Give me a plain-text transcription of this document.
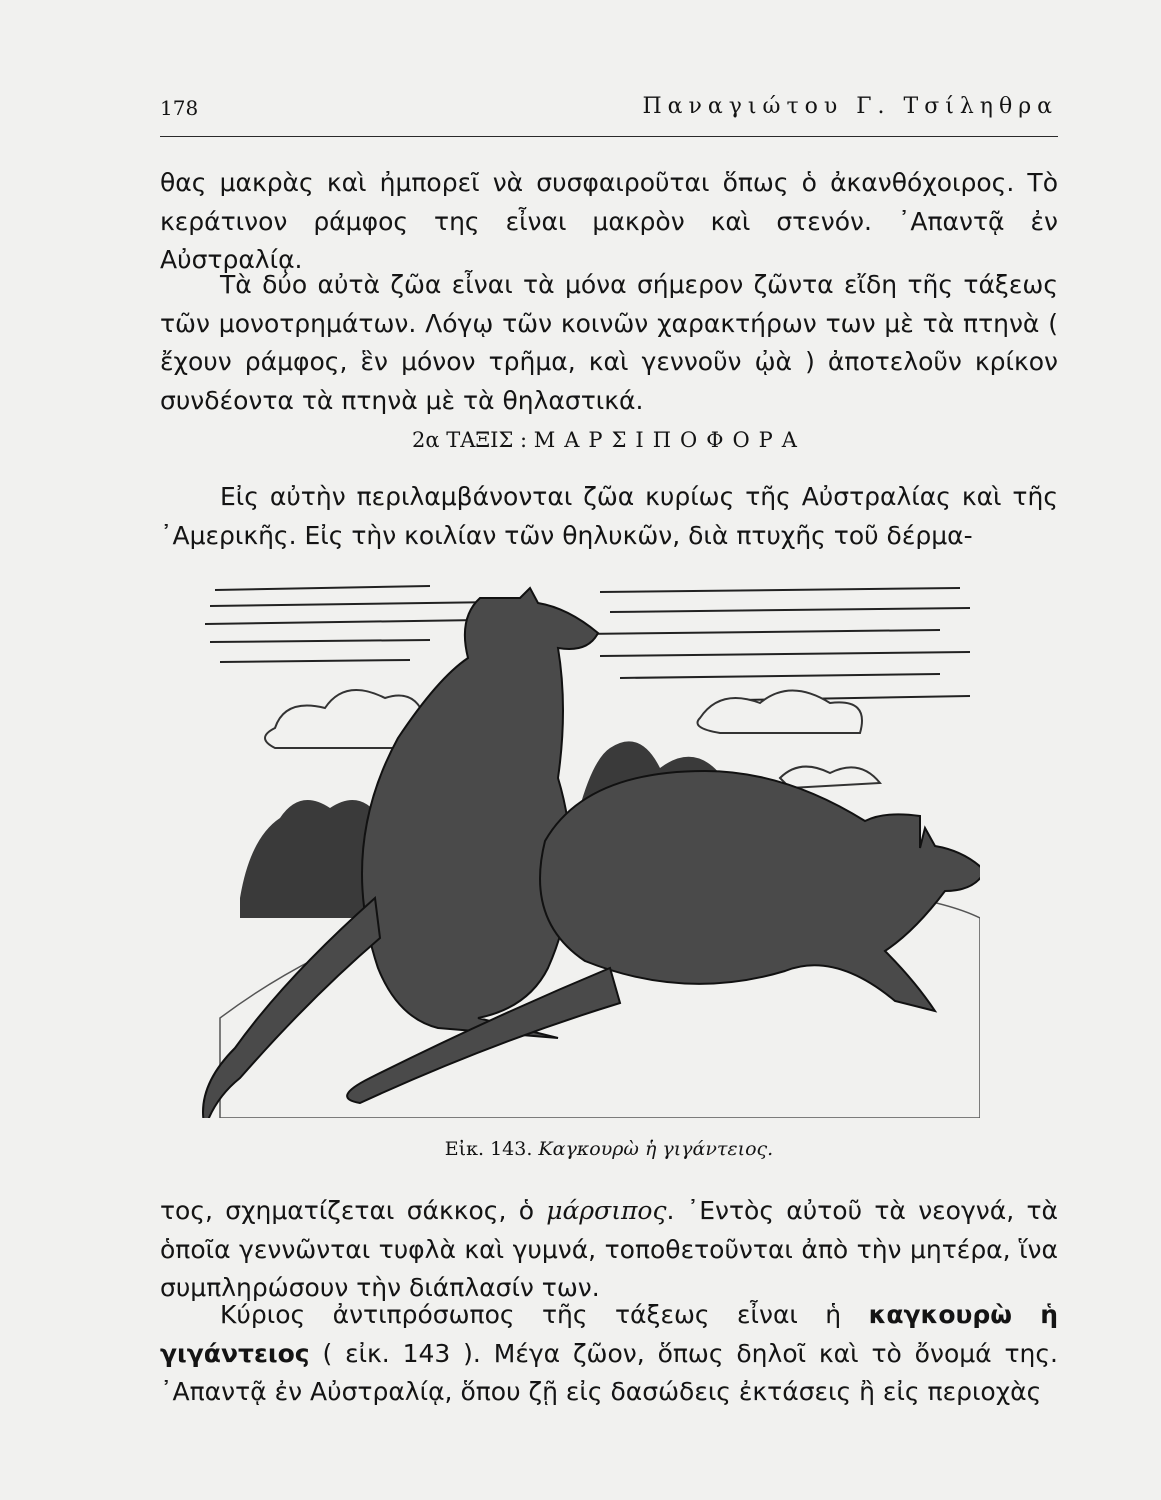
178	Παναγιώτου Γ. Τσίληθρα

θας μακρὰς καὶ ἠμπορεῖ νὰ συσφαιροῦται ὅπως ὁ ἀκανθόχοιρος. Τὸ κεράτινον ράμφος της εἶναι μακρὸν καὶ στενόν. ᾿Απαντᾷ ἐν Αὐστραλίᾳ.

Τὰ δύο αὐτὰ ζῶα εἶναι τὰ μόνα σήμερον ζῶντα εἴδη τῆς τάξεως τῶν μονοτρημάτων. Λόγῳ τῶν κοινῶν χαρακτήρων των μὲ τὰ πτηνὰ ( ἔχουν ράμφος, ἓν μόνον τρῆμα, καὶ γεννοῦν ᾠὰ ) ἀποτελοῦν κρίκον συνδέοντα τὰ πτηνὰ μὲ τὰ θηλαστικά.

2α ΤΑΞΙΣ : ΜΑΡΣΙΠΟΦΟΡΑ

Εἰς αὐτὴν περιλαμβάνονται ζῶα κυρίως τῆς Αὐστραλίας καὶ τῆς ᾿Αμερικῆς. Εἰς τὴν κοιλίαν τῶν θηλυκῶν, διὰ πτυχῆς τοῦ δέρμα-

Εἰκ. 143. Καγκουρὼ ἡ γιγάντειος.

τος, σχηματίζεται σάκκος, ὁ μάρσιπος. ᾿Εντὸς αὐτοῦ τὰ νεογνά, τὰ ὁποῖα γεννῶνται τυφλὰ καὶ γυμνά, τοποθετοῦνται ἀπὸ τὴν μητέρα, ἵνα συμπληρώσουν τὴν διάπλασίν των.

Κύριος ἀντιπρόσωπος τῆς τάξεως εἶναι ἡ καγκουρὼ ἡ γιγάντειος ( εἰκ. 143 ). Μέγα ζῶον, ὅπως δηλοῖ καὶ τὸ ὄνομά της. ᾿Απαντᾷ ἐν Αὐστραλίᾳ, ὅπου ζῇ εἰς δασώδεις ἐκτάσεις ἢ εἰς περιοχὰς
